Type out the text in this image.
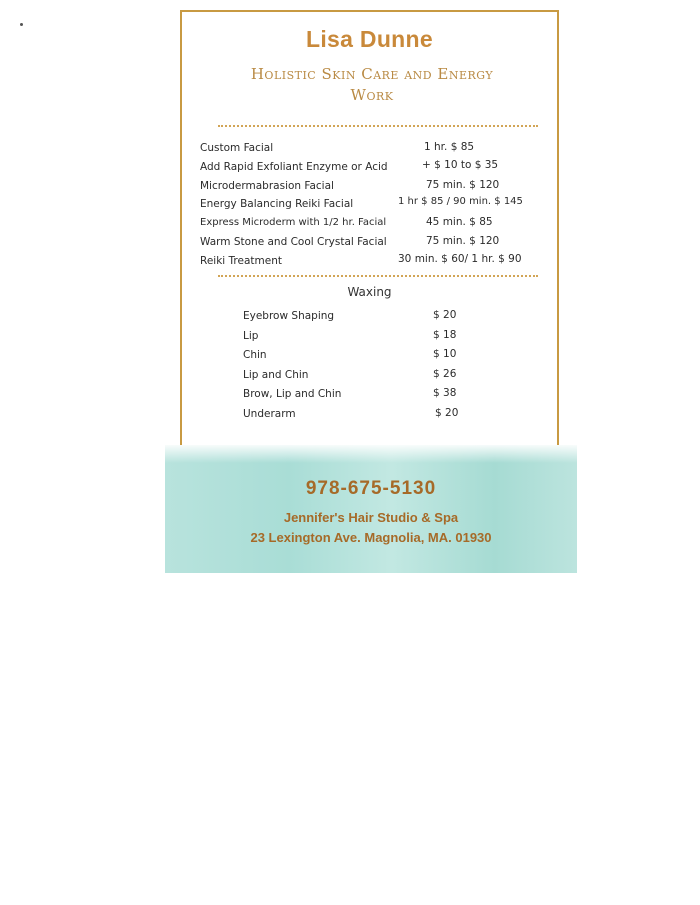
Lisa Dunne
Holistic Skin Care and Energy
Work
Custom Facial	1 hr. $ 85
Add Rapid Exfoliant Enzyme or Acid	+ $ 10 to $ 35
Microdermabrasion Facial	75 min. $ 120
Energy Balancing Reiki Facial	1 hr $ 85 / 90 min. $ 145
Express Microderm with 1/2 hr. Facial	45 min. $ 85
Warm Stone and Cool Crystal Facial	75 min. $ 120
Reiki Treatment	30 min. $ 60/ 1 hr. $ 90
Waxing
Eyebrow Shaping	$ 20
Lip	$ 18
Chin	$ 10
Lip and Chin	$ 26
Brow, Lip and Chin	$ 38
Underarm	$ 20
978-675-5130
Jennifer's Hair Studio & Spa
23 Lexington Ave. Magnolia, MA. 01930
